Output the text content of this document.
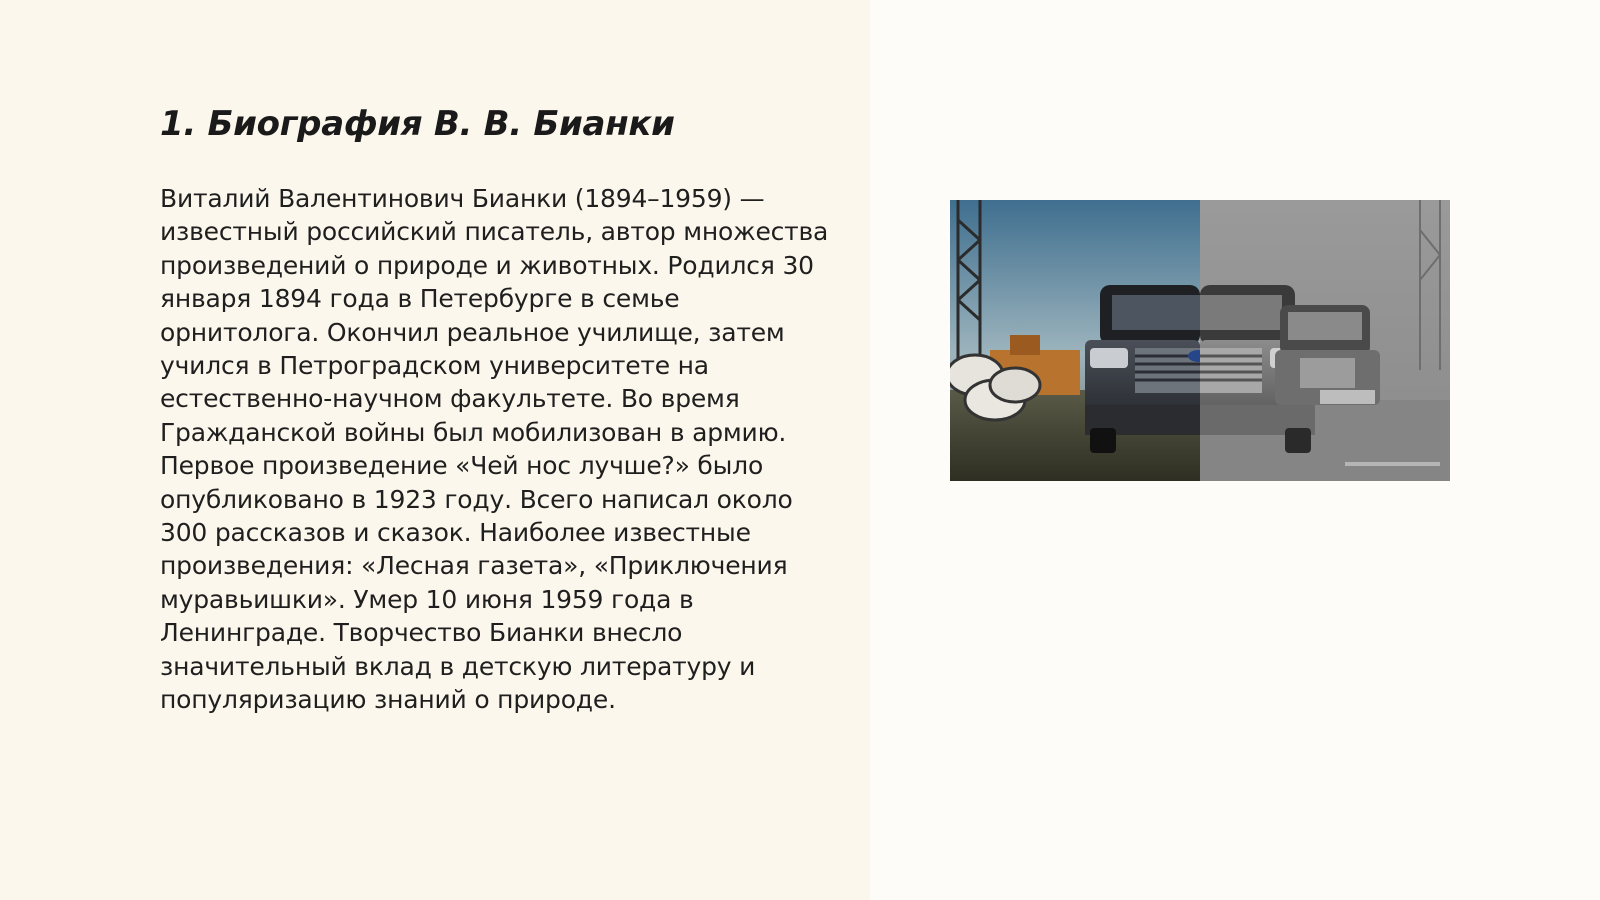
1. Биография В. В. Бианки

Виталий Валентинович Бианки (1894–1959) — известный российский писатель, автор множества произведений о природе и животных. Родился 30 января 1894 года в Петербурге в семье орнитолога. Окончил реальное училище, затем учился в Петроградском университете на естественно-научном факультете. Во время Гражданской войны был мобилизован в армию. Первое произведение «Чей нос лучше?» было опубликовано в 1923 году. Всего написал около 300 рассказов и сказок. Наиболее известные произведения: «Лесная газета», «Приключения муравьишки». Умер 10 июня 1959 года в Ленинграде. Творчество Бианки внесло значительный вклад в детскую литературу и популяризацию знаний о природе.
